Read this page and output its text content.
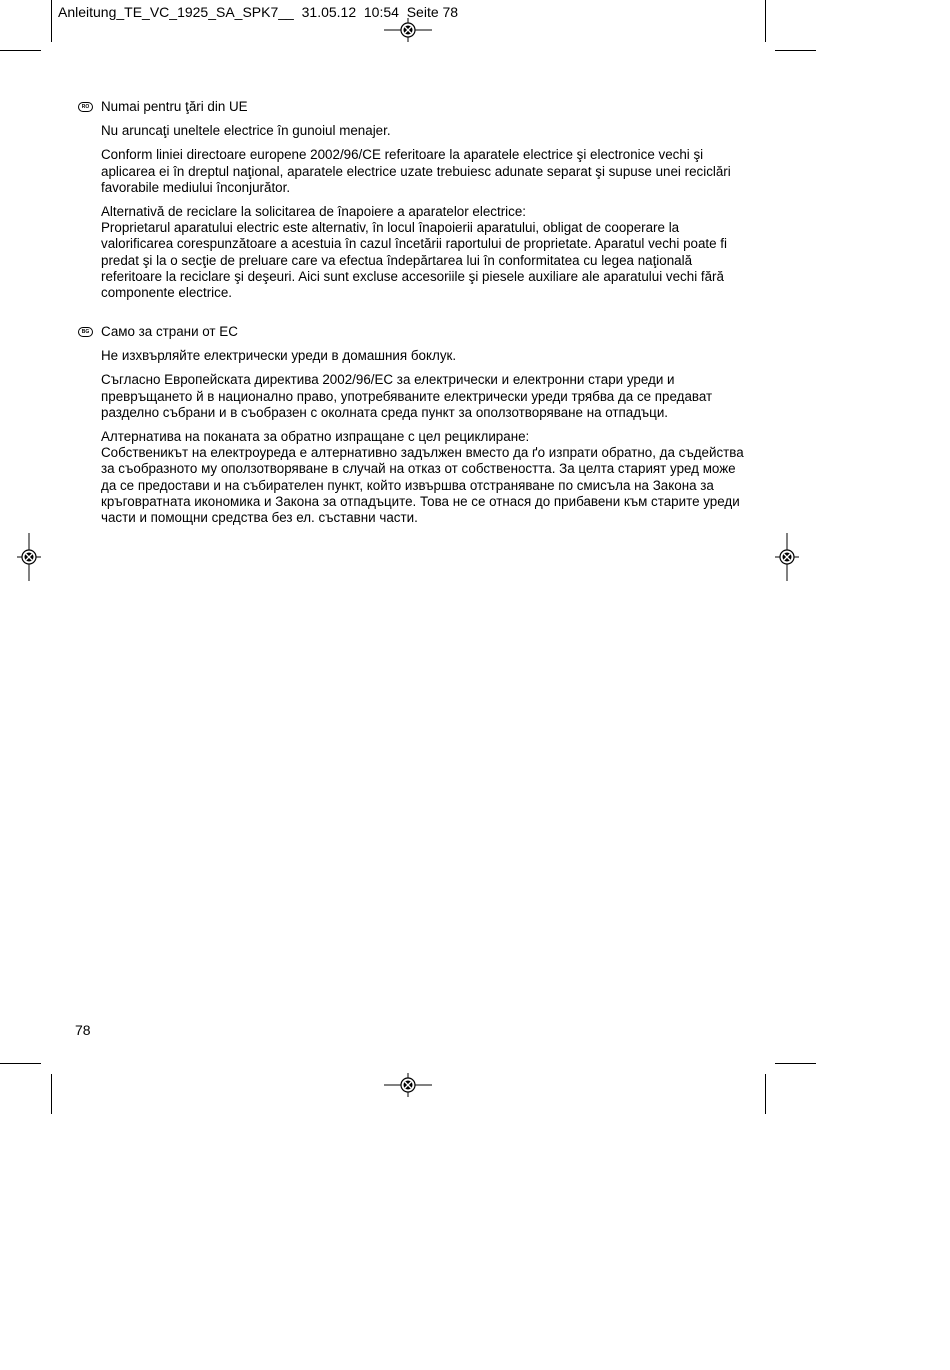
Anleitung_TE_VC_1925_SA_SPK7__  31.05.12  10:54  Seite 78
RO Numai pentru ţări din UE

Nu aruncaţi uneltele electrice în gunoiul menajer.

Conform liniei directoare europene 2002/96/CE referitoare la aparatele electrice şi electronice vechi şi aplicarea ei în dreptul naţional, aparatele electrice uzate trebuiesc adunate separat şi supuse unei reciclări favorabile mediului înconjurător.

Alternativă de reciclare la solicitarea de înapoiere a aparatelor electrice:
Proprietarul aparatului electric este alternativ, în locul înapoierii aparatului, obligat de cooperare la valorificarea corespunzătoare a acestuia în cazul încetării raportului de proprietate. Aparatul vechi poate fi predat şi la o secţie de preluare care va efectua îndepărtarea lui în conformitatea cu legea naţională referitoare la reciclare şi deşeuri. Aici sunt excluse accesoriile şi piesele auxiliare ale aparatului vechi fără componente electrice.

BG Само за страни от ЕС

Не изхвърляйте електрически уреди в домашния боклук.

Съгласно Европейската директива 2002/96/ЕС за електрически и електронни стари уреди и превръщането й в национално право, употребяваните електрически уреди трябва да се предават разделно събрани и в съобразен с околната среда пункт за оползотворяване на отпадъци.

Алтернатива на поканата за обратно изпращане с цел рециклиране:
Собственикът на електроуреда е алтернативно задължен вместо да ґо изпрати обратно, да съдейства за съобразното му оползотворяване в случай на отказ от собствеността. За целта старият уред може да се предостави и на събирателен пункт, който извършва отстраняване по смисъла на Закона за кръговратната икономика и Закона за отпадъците. Това не се отнася до прибавени към старите уреди части и помощни средства без ел. съставни части.

78
